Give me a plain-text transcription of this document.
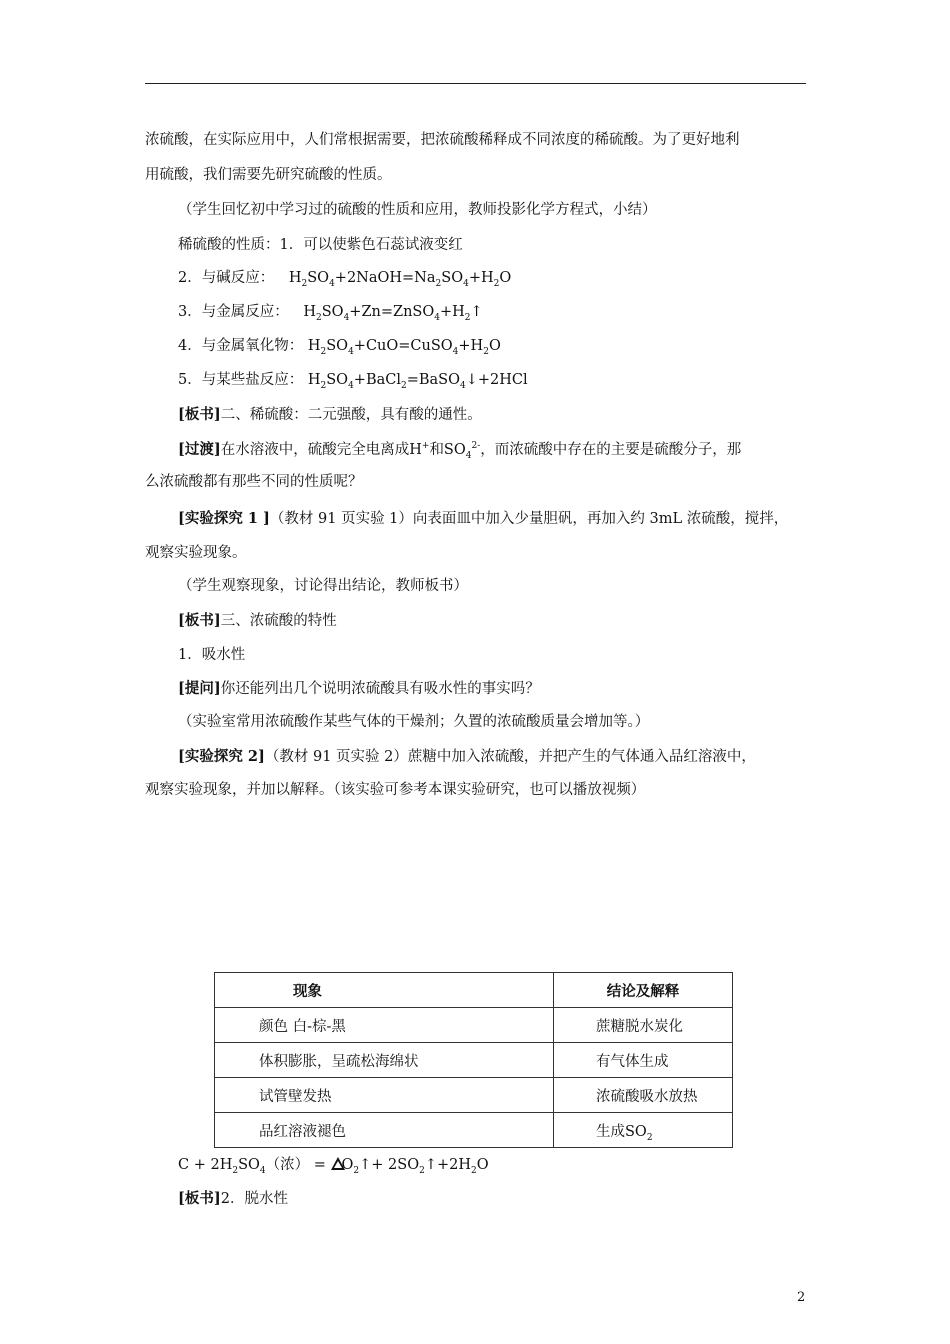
浓硫酸，在实际应用中，人们常根据需要，把浓硫酸稀释成不同浓度的稀硫酸。为了更好地利
用硫酸，我们需要先研究硫酸的性质。
（学生回忆初中学习过的硫酸的性质和应用，教师投影化学方程式，小结）
稀硫酸的性质：1．可以使紫色石蕊试液变红
2．与碱反应： $H_2SO_4+2NaOH=Na_2SO_4+H_2O$
3．与金属反应： $H_2SO_4+Zn=ZnSO_4+H_2↑$
4．与金属氧化物： $H_2SO_4+CuO=CuSO_4+H_2O$
5．与某些盐反应： $H_2SO_4+BaCl_2=BaSO_4↓+2HCl$
[板书]二、稀硫酸：二元强酸，具有酸的通性。
[过渡]在水溶液中，硫酸完全电离成H+和$SO_4^{2-}$，而浓硫酸中存在的主要是硫酸分子，那
么浓硫酸都有那些不同的性质呢？
[实验探究 1 ]（教材 91 页实验 1）向表面皿中加入少量胆矾，再加入约 3mL 浓硫酸，搅拌，
观察实验现象。
（学生观察现象，讨论得出结论，教师板书）
[板书]三、浓硫酸的特性
1．吸水性
[提问]你还能列出几个说明浓硫酸具有吸水性的事实吗？
（实验室常用浓硫酸作某些气体的干燥剂；久置的浓硫酸质量会增加等。）
[实验探究 2]（教材 91 页实验 2）蔗糖中加入浓硫酸，并把产生的气体通入品红溶液中，
观察实验现象，并加以解释。（该实验可参考本课实验研究，也可以播放视频）
现象	结论及解释
颜色 白-棕-黑	蔗糖脱水炭化
体积膨胀，呈疏松海绵状	有气体生成
试管壁发热	浓硫酸吸水放热
品红溶液褪色	生成$SO_2$
$C + 2H_2SO_4$（浓） = $O_2↑+$ $2SO_2↑+2H_2O$
[板书]2．脱水性
2
